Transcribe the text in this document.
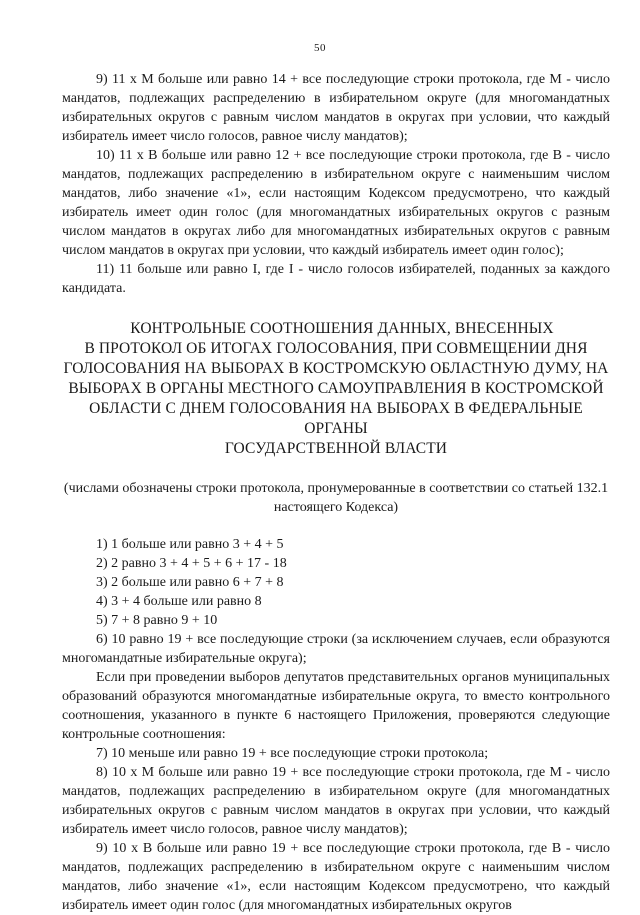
50

9) 11 х М больше или равно 14 + все последующие строки протокола, где М - число мандатов, подлежащих распределению в избирательном округе (для многомандатных избирательных округов с равным числом мандатов в округах при условии, что каждый избиратель имеет число голосов, равное числу мандатов);

10) 11 х В больше или равно 12 + все последующие строки протокола, где В - число мандатов, подлежащих распределению в избирательном округе с наименьшим числом мандатов, либо значение «1», если настоящим Кодексом предусмотрено, что каждый избиратель имеет один голос (для многомандатных избирательных округов с разным числом мандатов в округах либо для многомандатных избирательных округов с равным числом мандатов в округах при условии, что каждый избиратель имеет один голос);

11) 11 больше или равно I, где I - число голосов избирателей, поданных за каждого кандидата.

КОНТРОЛЬНЫЕ СООТНОШЕНИЯ ДАННЫХ, ВНЕСЕННЫХ
В ПРОТОКОЛ ОБ ИТОГАХ ГОЛОСОВАНИЯ, ПРИ СОВМЕЩЕНИИ ДНЯ
ГОЛОСОВАНИЯ НА ВЫБОРАХ В КОСТРОМСКУЮ ОБЛАСТНУЮ ДУМУ, НА
ВЫБОРАХ В ОРГАНЫ МЕСТНОГО САМОУПРАВЛЕНИЯ В КОСТРОМСКОЙ
ОБЛАСТИ С ДНЕМ ГОЛОСОВАНИЯ НА ВЫБОРАХ В ФЕДЕРАЛЬНЫЕ ОРГАНЫ
ГОСУДАРСТВЕННОЙ ВЛАСТИ

(числами обозначены строки протокола, пронумерованные в соответствии со статьей 132.1 настоящего Кодекса)

1) 1 больше или равно 3 + 4 + 5

2) 2 равно 3 + 4 + 5 + 6 + 17 - 18

3) 2 больше или равно 6 + 7 + 8

4) 3 + 4 больше или равно 8

5) 7 + 8 равно 9 + 10

6) 10 равно 19 + все последующие строки (за исключением случаев, если образуются многомандатные избирательные округа);

Если при проведении выборов депутатов представительных органов муниципальных образований образуются многомандатные избирательные округа, то вместо контрольного соотношения, указанного в пункте 6 настоящего Приложения, проверяются следующие контрольные соотношения:

7) 10 меньше или равно 19 + все последующие строки протокола;

8) 10 х М больше или равно 19 + все последующие строки протокола, где М - число мандатов, подлежащих распределению в избирательном округе (для многомандатных избирательных округов с равным числом мандатов в округах при условии, что каждый избиратель имеет число голосов, равное числу мандатов);

9) 10 х В больше или равно 19 + все последующие строки протокола, где В - число мандатов, подлежащих распределению в избирательном округе с наименьшим числом мандатов, либо значение «1», если настоящим Кодексом предусмотрено, что каждый избиратель имеет один голос (для многомандатных избирательных округов
